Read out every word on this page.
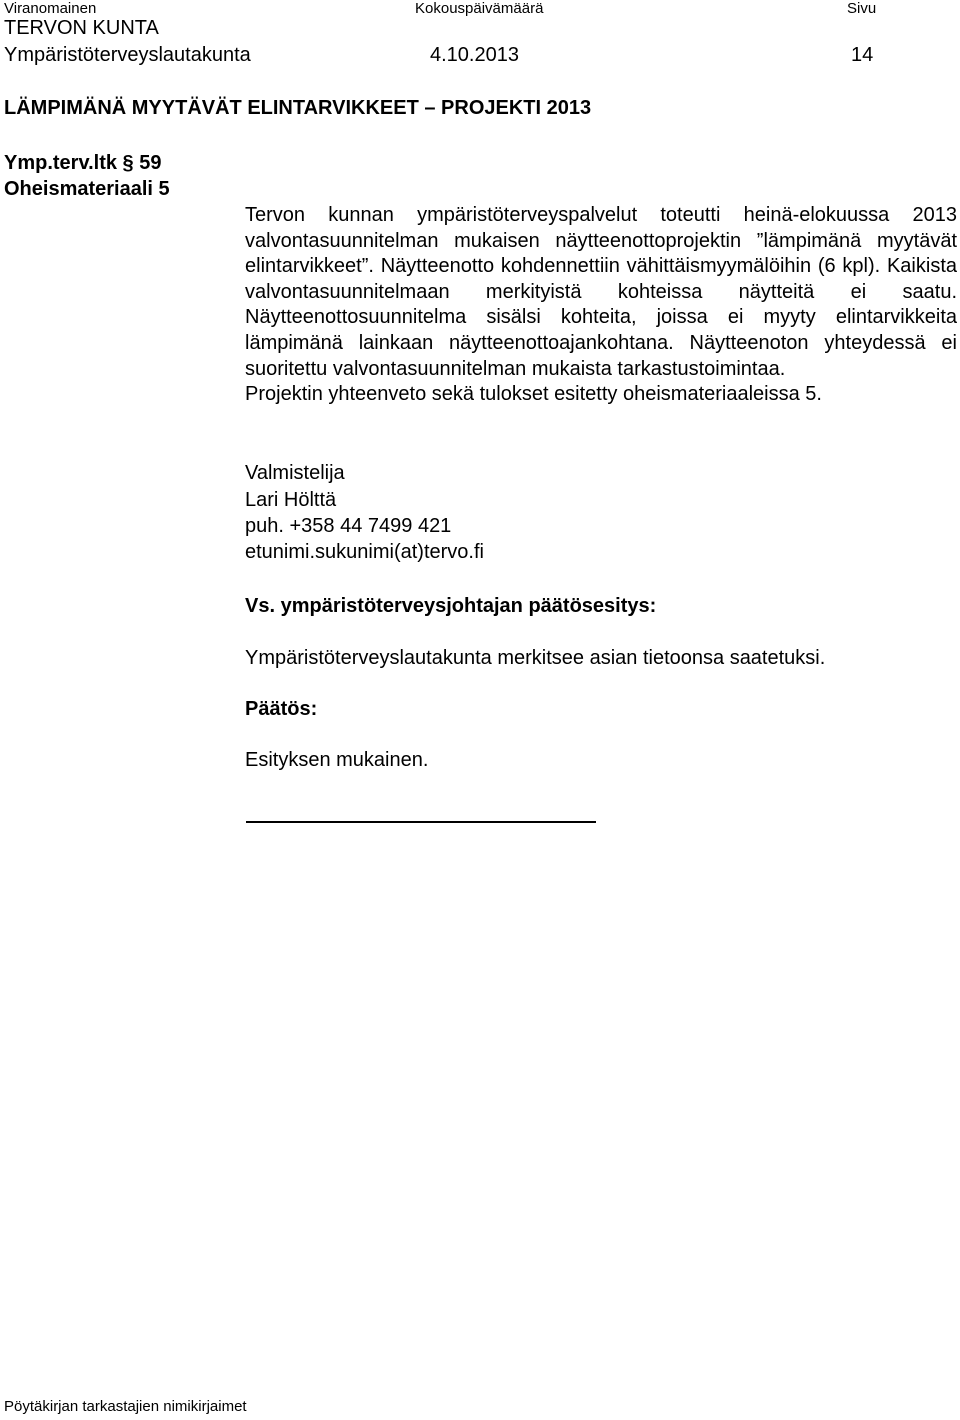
Viranomainen	Kokouspäivämäärä	Sivu
TERVON KUNTA
Ympäristöterveyslautakunta	4.10.2013	14
LÄMPIMÄNÄ MYYTÄVÄT ELINTARVIKKEET – PROJEKTI 2013
Ymp.terv.ltk § 59
Oheismateriaali 5

Tervon kunnan ympäristöterveyspalvelut toteutti heinä-elokuussa 2013 valvontasuunnitelman mukaisen näytteenottoprojektin ”lämpimänä myytävät elintarvikkeet”. Näytteenotto kohdennettiin vähittäismyymälöihin (6 kpl). Kaikista valvontasuunnitelmaan merkityistä kohteissa näytteitä ei saatu. Näytteenottosuunnitelma sisälsi kohteita, joissa ei myyty elintarvikkeita lämpimänä lainkaan näytteenottoajankohtana. Näytteenoton yhteydessä ei suoritettu valvontasuunnitelman mukaista tarkastustoimintaa.

Projektin yhteenveto sekä tulokset esitetty oheismateriaaleissa 5.

Valmistelija
Lari Hölttä
puh. +358 44 7499 421
etunimi.sukunimi(at)tervo.fi
Vs. ympäristöterveysjohtajan päätösesitys:
Ympäristöterveyslautakunta merkitsee asian tietoonsa saatetuksi.
Päätös:
Esityksen mukainen.
Pöytäkirjan tarkastajien nimikirjaimet
